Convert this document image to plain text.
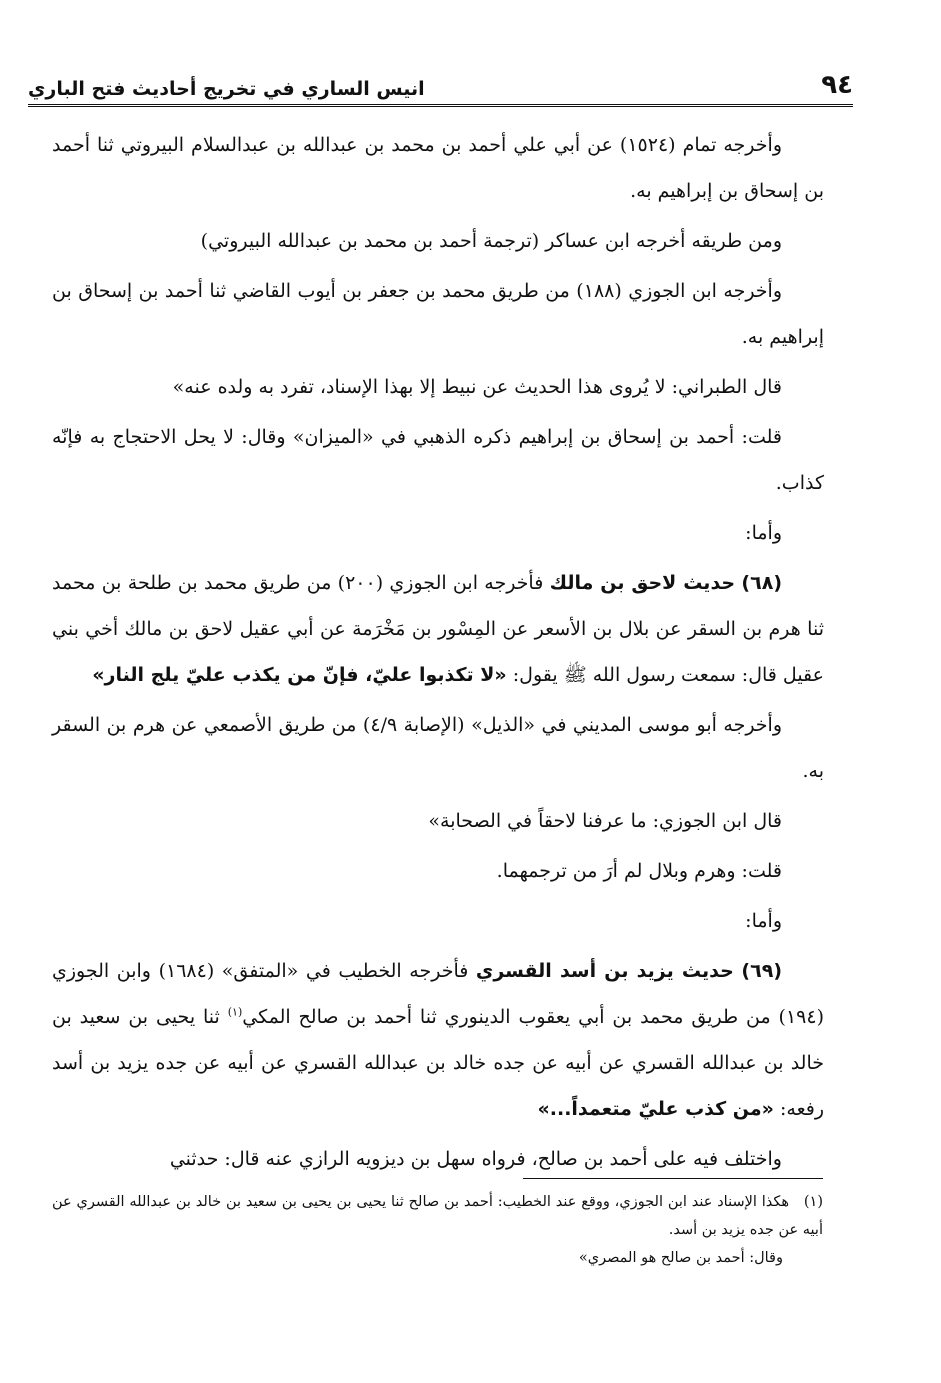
٩٤
انيس الساري في تخريج أحاديث فتح الباري

وأخرجه تمام (١٥٢٤) عن أبي علي أحمد بن محمد بن عبدالله بن عبدالسلام البيروتي ثنا أحمد بن إسحاق بن إبراهيم به.

ومن طريقه أخرجه ابن عساكر (ترجمة أحمد بن محمد بن عبدالله البيروتي)

وأخرجه ابن الجوزي (١٨٨) من طريق محمد بن جعفر بن أيوب القاضي ثنا أحمد بن إسحاق بن إبراهيم به.

قال الطبراني: لا يُروى هذا الحديث عن نبيط إلا بهذا الإسناد، تفرد به ولده عنه»

قلت: أحمد بن إسحاق بن إبراهيم ذكره الذهبي في «الميزان» وقال: لا يحل الاحتجاج به فإنّه كذاب.

وأما:

(٦٨) حديث لاحق بن مالك فأخرجه ابن الجوزي (٢٠٠) من طريق محمد بن طلحة بن محمد ثنا هرم بن السقر عن بلال بن الأسعر عن المِسْور بن مَخْرَمة عن أبي عقيل لاحق بن مالك أخي بني عقيل قال: سمعت رسول الله ﷺ يقول: «لا تكذبوا عليّ، فإنّ من يكذب عليّ يلج النار»

وأخرجه أبو موسى المديني في «الذيل» (الإصابة ٤/٩) من طريق الأصمعي عن هرم بن السقر به.

قال ابن الجوزي: ما عرفنا لاحقاً في الصحابة»

قلت: وهرم وبلال لم أرَ من ترجمهما.

وأما:

(٦٩) حديث يزيد بن أسد القسري فأخرجه الخطيب في «المتفق» (١٦٨٤) وابن الجوزي (١٩٤) من طريق محمد بن أبي يعقوب الدينوري ثنا أحمد بن صالح المكي$^{(١)}$ ثنا يحيى بن سعيد بن خالد بن عبدالله القسري عن أبيه عن جده خالد بن عبدالله القسري عن أبيه عن جده يزيد بن أسد رفعه: «من كذب عليّ متعمداً...»

واختلف فيه على أحمد بن صالح، فرواه سهل بن ديزويه الرازي عنه قال: حدثني

(١) هكذا الإسناد عند ابن الجوزي، ووقع عند الخطيب: أحمد بن صالح ثنا يحيى بن يحيى بن سعيد بن خالد بن عبدالله القسري عن أبيه عن جده يزيد بن أسد.

وقال: أحمد بن صالح هو المصري»
